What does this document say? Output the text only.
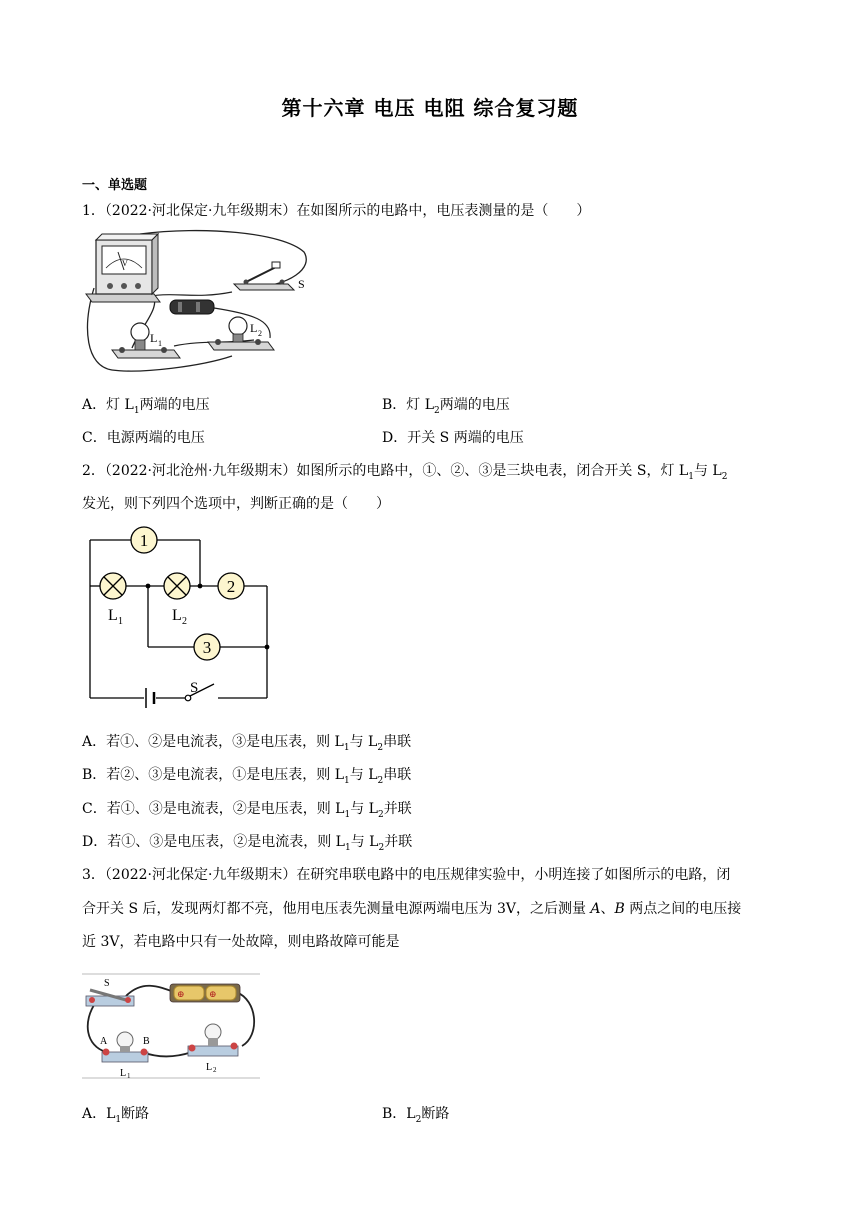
第十六章 电压 电阻 综合复习题
一、单选题
1．（2022·河北保定·九年级期末）在如图所示的电路中，电压表测量的是（　　）
V
S
L 1
L 2
A．灯 $L_1$两端的电压	B．灯 $L_2$两端的电压
C．电源两端的电压	D．开关 S 两端的电压
2．（2022·河北沧州·九年级期末）如图所示的电路中，①、②、③是三块电表，闭合开关 S，灯 $L_1$与 $L_2$
发光，则下列四个选项中，判断正确的是（　　）
S
1
2
3
L 1	L 2
A．若①、②是电流表，③是电压表，则 $L_1$与 $L_2$串联
B．若②、③是电流表，①是电压表，则 $L_1$与 $L_2$串联
C．若①、③是电流表，②是电压表，则 $L_1$与 $L_2$并联
D．若①、③是电压表，②是电流表，则 $L_1$与 $L_2$并联
3．（2022·河北保定·九年级期末）在研究串联电路中的电压规律实验中，小明连接了如图所示的电路，闭
合开关 S 后，发现两灯都不亮，他用电压表先测量电源两端电压为 3V，之后测量 A、B 两点之间的电压接
近 3V，若电路中只有一处故障，则电路故障可能是
S
⊕	⊕
A	B
L 1
L 2
A．$L_1$断路	B．$L_2$断路
